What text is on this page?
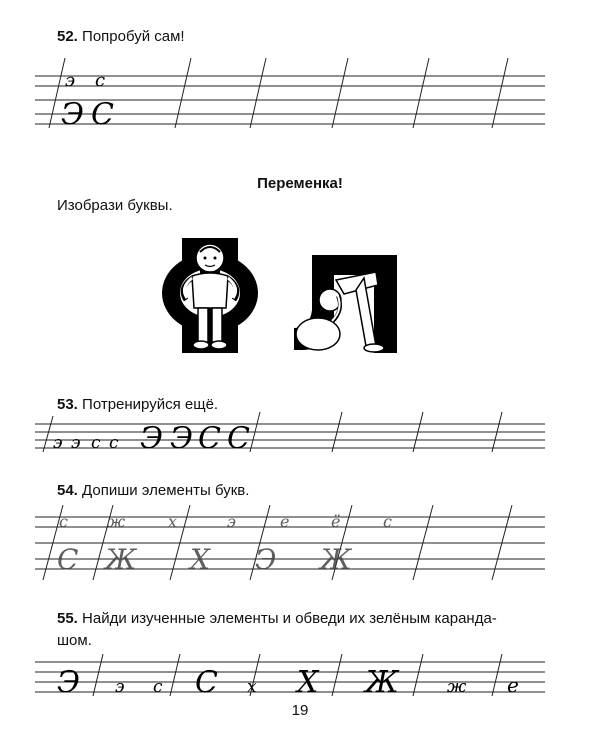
52. Попробуй сам!
э с
Э С
Переменка!
Изобрази буквы.
53. Потренируйся ещё.
э э с с Э Э С С
54. Допиши элементы букв.
с ж	х	э	е	ё	с
С Ж Х Э Ж
55. Найди изученные элементы и обведи их зелёным каранда-
шом.
Э э с С х Х Ж	ж е
19
